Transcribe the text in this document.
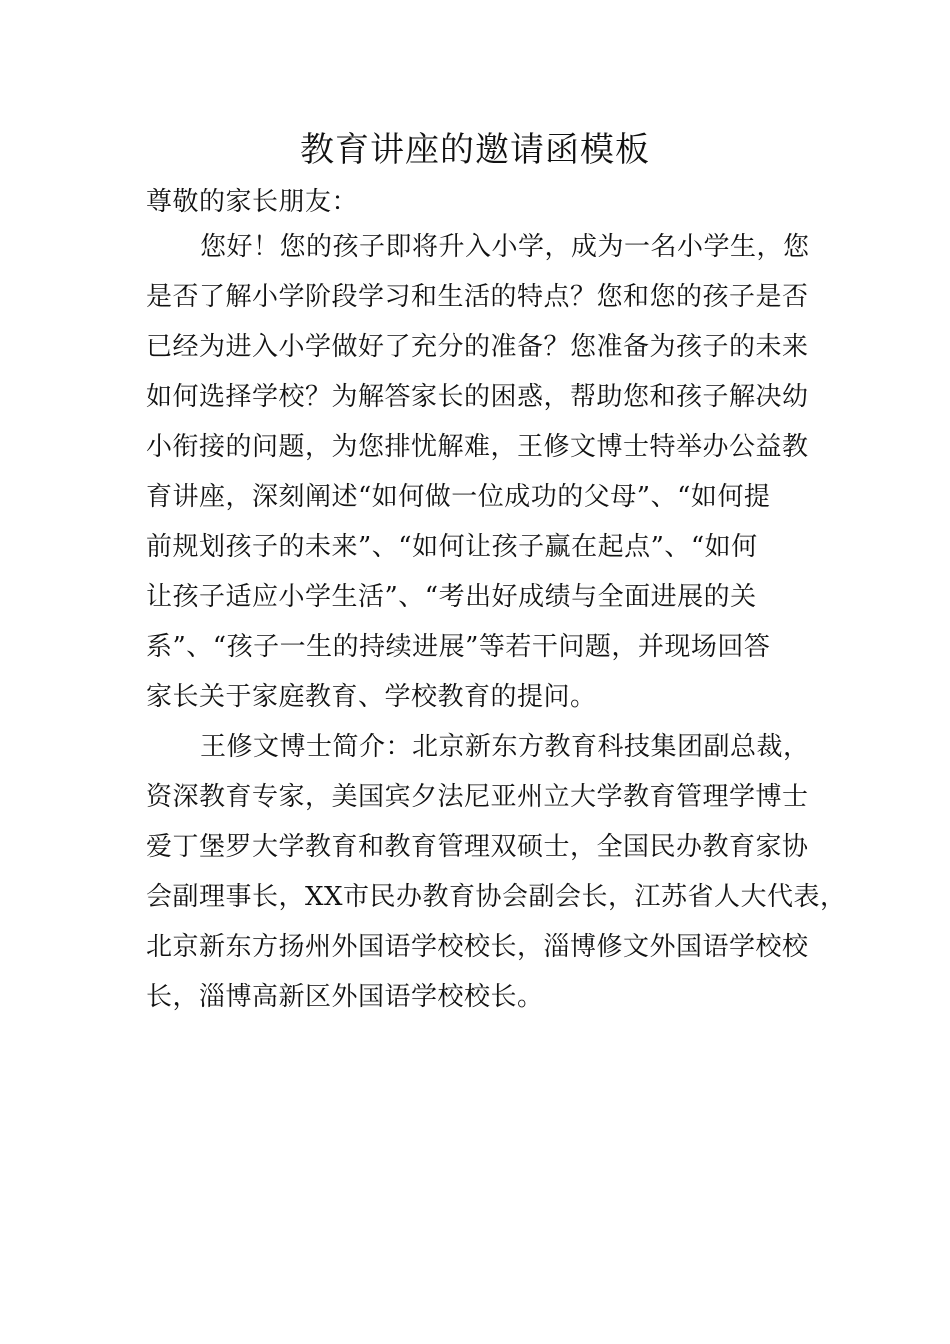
教育讲座的邀请函模板

尊敬的家长朋友：

您好！您的孩子即将升入小学，成为一名小学生，您
是否了解小学阶段学习和生活的特点？您和您的孩子是否
已经为进入小学做好了充分的准备？您准备为孩子的未来
如何选择学校？为解答家长的困惑，帮助您和孩子解决幼
小衔接的问题，为您排忧解难，王修文博士特举办公益教
育讲座，深刻阐述“如何做一位成功的父母”、“如何提
前规划孩子的未来”、“如何让孩子赢在起点”、“如何
让孩子适应小学生活”、“考出好成绩与全面进展的关
系”、“孩子一生的持续进展”等若干问题，并现场回答
家长关于家庭教育、学校教育的提问。
王修文博士简介：北京新东方教育科技集团副总裁，
资深教育专家，美国宾夕法尼亚州立大学教育管理学博士
爱丁堡罗大学教育和教育管理双硕士，全国民办教育家协
会副理事长，XX市民办教育协会副会长，江苏省人大代表，
北京新东方扬州外国语学校校长，淄博修文外国语学校校
长，淄博高新区外国语学校校长。
